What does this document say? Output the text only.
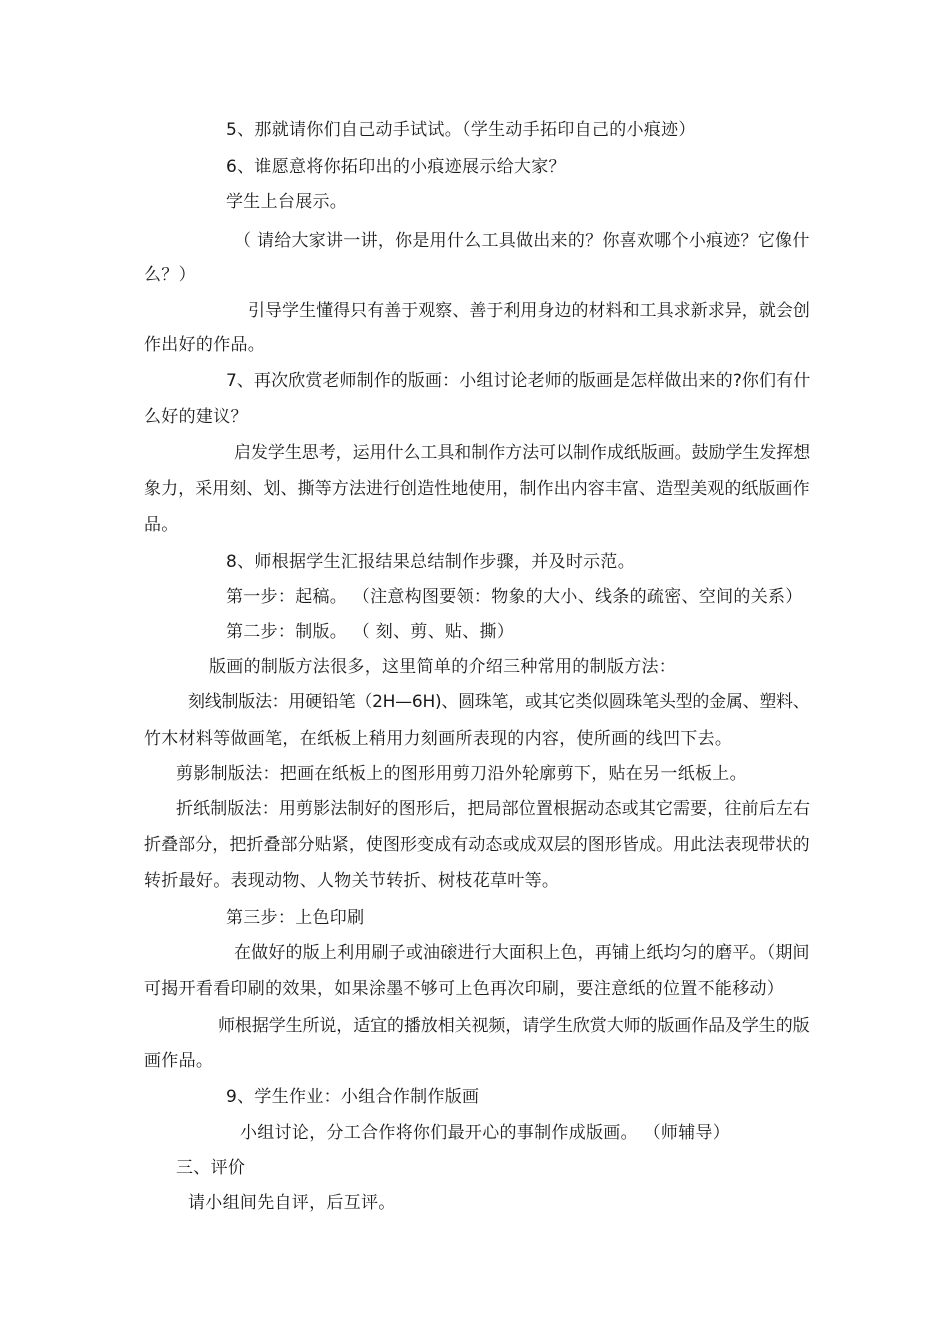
5、那就请你们自己动手试试。（学生动手拓印自己的小痕迹）
6、谁愿意将你拓印出的小痕迹展示给大家？
学生上台展示。
（ 请给大家讲一讲，你是用什么工具做出来的？你喜欢哪个小痕迹？它像什
么？）
引导学生懂得只有善于观察、善于利用身边的材料和工具求新求异，就会创
作出好的作品。
7、再次欣赏老师制作的版画：小组讨论老师的版画是怎样做出来的?你们有什
么好的建议？
启发学生思考，运用什么工具和制作方法可以制作成纸版画。鼓励学生发挥想
象力，采用刻、划、撕等方法进行创造性地使用，制作出内容丰富、造型美观的纸版画作
品。
8、师根据学生汇报结果总结制作步骤，并及时示范。
第一步：起稿。 （注意构图要领：物象的大小、线条的疏密、空间的关系）
第二步：制版。 （ 刻、剪、贴、撕）
版画的制版方法很多，这里简单的介绍三种常用的制版方法：
刻线制版法：用硬铅笔（2H—6H)、圆珠笔，或其它类似圆珠笔头型的金属、塑料、
竹木材料等做画笔，在纸板上稍用力刻画所表现的内容，使所画的线凹下去。
剪影制版法：把画在纸板上的图形用剪刀沿外轮廓剪下，贴在另一纸板上。
折纸制版法：用剪影法制好的图形后，把局部位置根据动态或其它需要，往前后左右
折叠部分，把折叠部分贴紧，使图形变成有动态或成双层的图形皆成。用此法表现带状的
转折最好。表现动物、人物关节转折、树枝花草叶等。
第三步：上色印刷
在做好的版上利用刷子或油磙进行大面积上色，再铺上纸均匀的磨平。（期间
可揭开看看印刷的效果，如果涂墨不够可上色再次印刷，要注意纸的位置不能移动）
师根据学生所说，适宜的播放相关视频，请学生欣赏大师的版画作品及学生的版
画作品。
9、学生作业：小组合作制作版画
小组讨论，分工合作将你们最开心的事制作成版画。 （师辅导）
三、评价
请小组间先自评，后互评。
